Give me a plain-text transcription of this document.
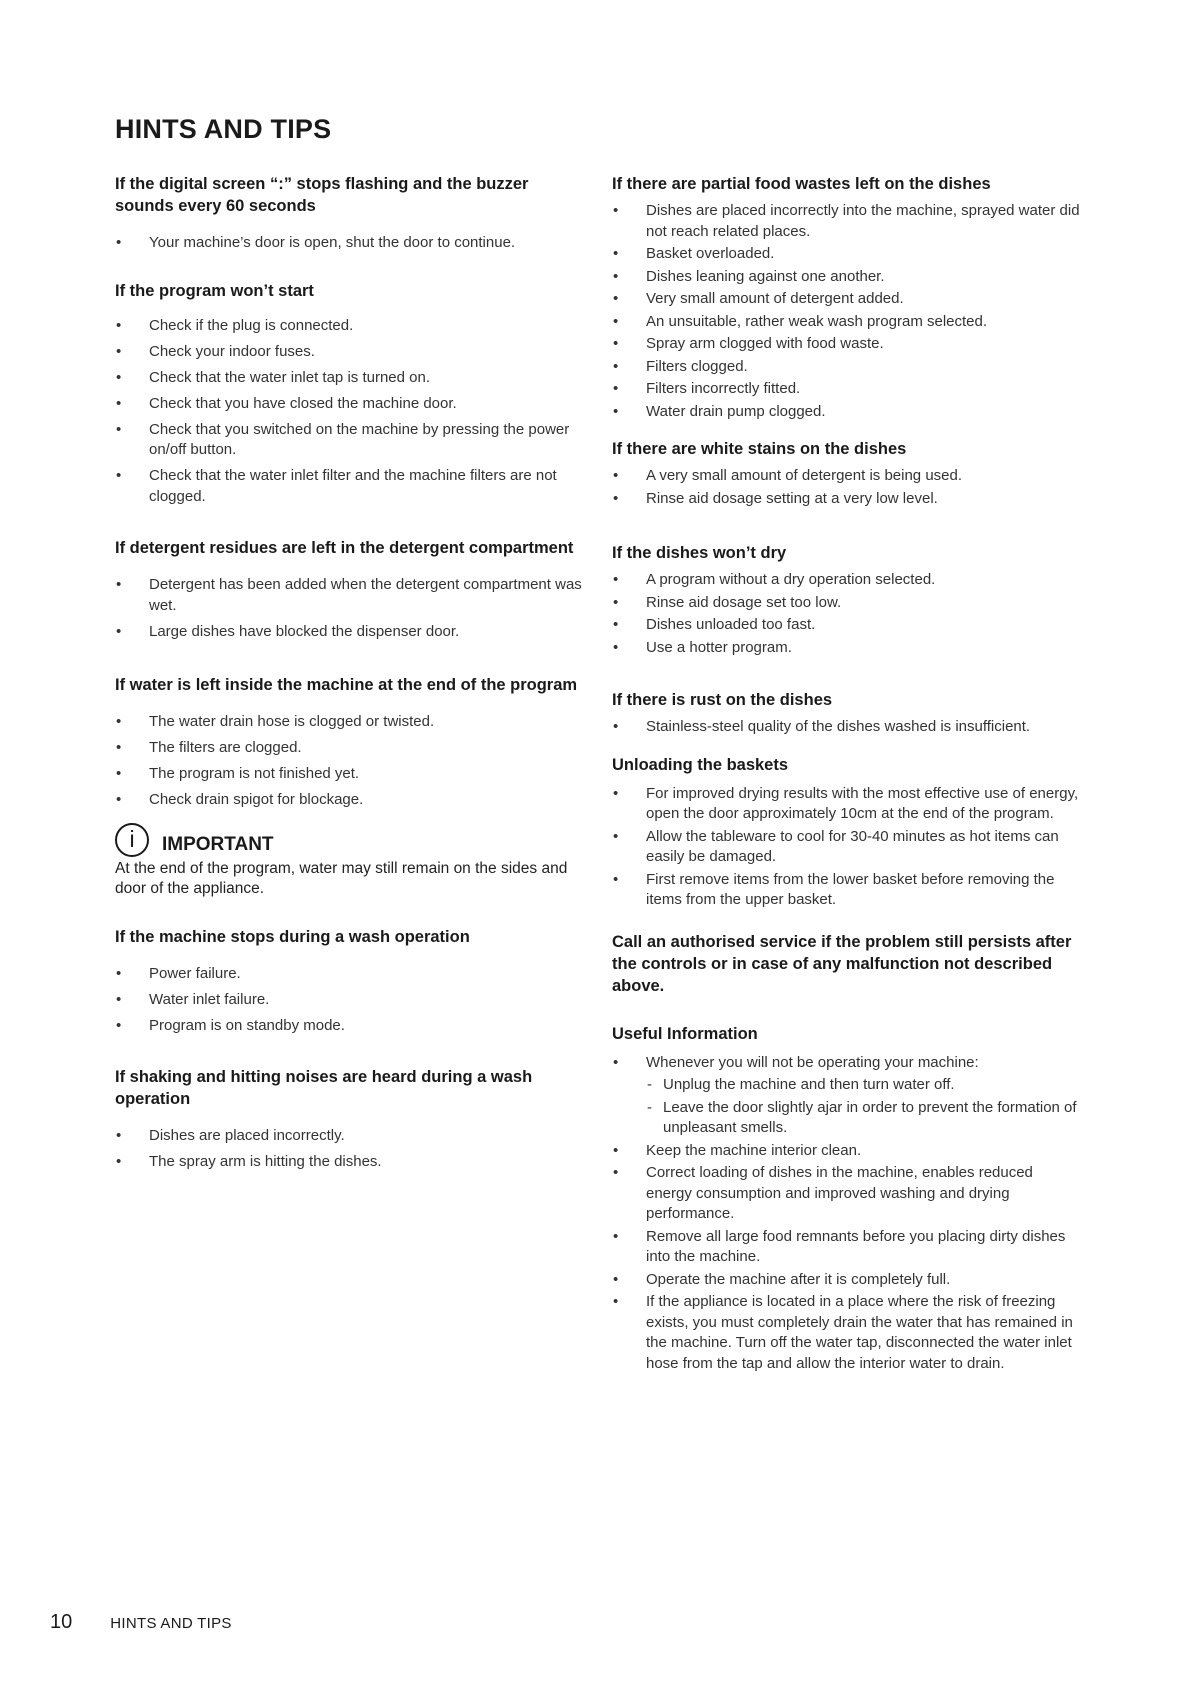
HINTS AND TIPS
If the digital screen “:” stops flashing and the buzzer sounds every 60 seconds
• Your machine’s door is open, shut the door to continue.
If the program won’t start
• Check if the plug is connected.
• Check your indoor fuses.
• Check that the water inlet tap is turned on.
• Check that you have closed the machine door.
• Check that you switched on the machine by pressing the power on/off button.
• Check that the water inlet filter and the machine filters are not clogged.
If detergent residues are left in the detergent compartment
• Detergent has been added when the detergent compartment was wet.
• Large dishes have blocked the dispenser door.
If water is left inside the machine at the end of the program
• The water drain hose is clogged or twisted.
• The filters are clogged.
• The program is not finished yet.
• Check drain spigot for blockage.
i	IMPORTANT

At the end of the program, water may still remain on the sides and door of the appliance.

If the machine stops during a wash operation
• Power failure.
• Water inlet failure.
• Program is on standby mode.
If shaking and hitting noises are heard during a wash operation
• Dishes are placed incorrectly.
• The spray arm is hitting the dishes.
If there are partial food wastes left on the dishes
• Dishes are placed incorrectly into the machine, sprayed water did not reach related places.
• Basket overloaded.
• Dishes leaning against one another.
• Very small amount of detergent added.
• An unsuitable, rather weak wash program selected.
• Spray arm clogged with food waste.
• Filters clogged.
• Filters incorrectly fitted.
• Water drain pump clogged.
If there are white stains on the dishes
• A very small amount of detergent is being used.
• Rinse aid dosage setting at a very low level.
If the dishes won’t dry
• A program without a dry operation selected.
• Rinse aid dosage set too low.
• Dishes unloaded too fast.
• Use a hotter program.
If there is rust on the dishes
• Stainless-steel quality of the dishes washed is insufficient.
Unloading the baskets
• For improved drying results with the most effective use of energy, open the door approximately 10cm at the end of the program.
• Allow the tableware to cool for 30-40 minutes as hot items can easily be damaged.
• First remove items from the lower basket before removing the items from the upper basket.

Call an authorised service if the problem still persists after the controls or in case of any malfunction not described above.

Useful Information
• Whenever you will not be operating your machine:
- Unplug the machine and then turn water off.
- Leave the door slightly ajar in order to prevent the formation of unpleasant smells.
• Keep the machine interior clean.
• Correct loading of dishes in the machine, enables reduced energy consumption and improved washing and drying performance.
• Remove all large food remnants before you placing dirty dishes into the machine.
• Operate the machine after it is completely full.
• If the appliance is located in a place where the risk of freezing exists, you must completely drain the water that has remained in the machine. Turn off the water tap, disconnected the water inlet hose from the tap and allow the interior water to drain.
10	HINTS AND TIPS
